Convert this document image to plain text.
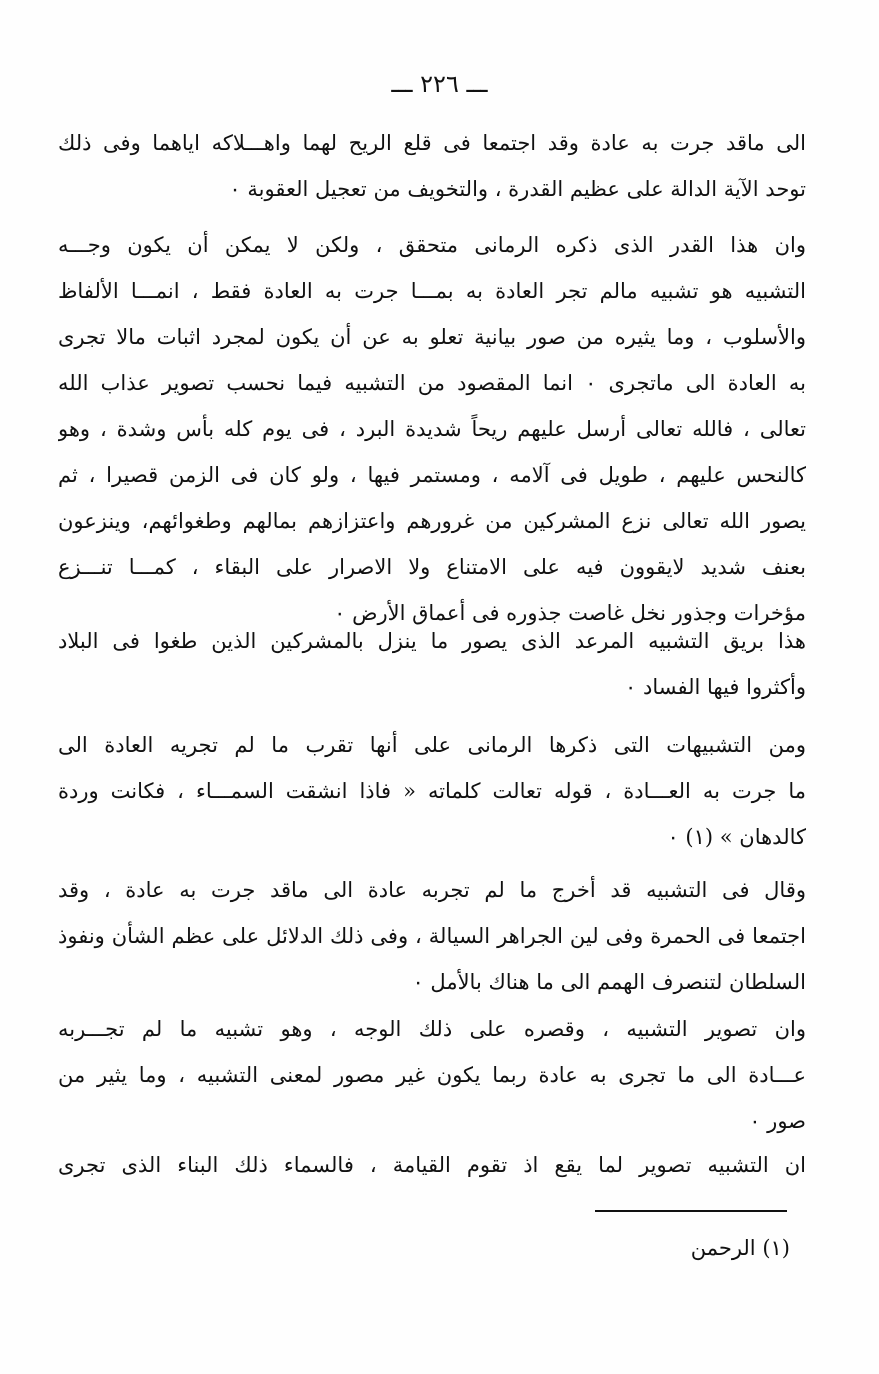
ـــ ٢٢٦ ـــ
الى ماقد جرت به عادة وقد اجتمعا فى قلع الريح لهما واهـــلاكه اياهما وفى ذلك
توحد الآية الدالة على عظيم القدرة ، والتخويف من تعجيل العقوبة ٠
وان هذا القدر الذى ذكره الرمانى متحقق ، ولكن لا يمكن أن يكون وجـــه
التشبيه هو تشبيه مالم تجر العادة به بمـــا جرت به العادة فقط ، انمـــا الألفاظ
والأسلوب ، وما يثيره من صور بيانية تعلو به عن أن يكون لمجرد اثبات مالا تجرى
به العادة الى ماتجرى ٠ انما المقصود من التشبيه فيما نحسب تصوير عذاب الله
تعالى ، فالله تعالى أرسل عليهم ريحاً شديدة البرد ، فى يوم كله بأس وشدة ، وهو
كالنحس عليهم ، طويل فى آلامه ، ومستمر فيها ، ولو كان فى الزمن قصيرا ، ثم
يصور الله تعالى نزع المشركين من غرورهم واعتزازهم بمالهم وطغوائهم، وينزعون
بعنف شديد لايقوون فيه على الامتناع ولا الاصرار على البقاء ، كمـــا تنـــزع
مؤخرات وجذور نخل غاصت جذوره فى أعماق الأرض ٠
هذا بريق التشبيه المرعد الذى يصور ما ينزل بالمشركين الذين طغوا فى البلاد
وأكثروا فيها الفساد ٠
ومن التشبيهات التى ذكرها الرمانى على أنها تقرب ما لم تجريه العادة الى
ما جرت به العـــادة ، قوله تعالت كلماته « فاذا انشقت السمـــاء ، فكانت وردة
كالدهان » (١) ٠
وقال فى التشبيه قد أخرج ما لم تجربه عادة الى ماقد جرت به عادة ، وقد
اجتمعا فى الحمرة وفى لين الجراهر السيالة ، وفى ذلك الدلائل على عظم الشأن ونفوذ
السلطان لتنصرف الهمم الى ما هناك بالأمل ٠
وان تصوير التشبيه ، وقصره على ذلك الوجه ، وهو تشبيه ما لم تجـــربه
عـــادة الى ما تجرى به عادة ربما يكون غير مصور لمعنى التشبيه ، وما يثير من
صور ٠
ان التشبيه تصوير لما يقع اذ تقوم القيامة ، فالسماء ذلك البناء الذى تجرى
(١) الرحمن
